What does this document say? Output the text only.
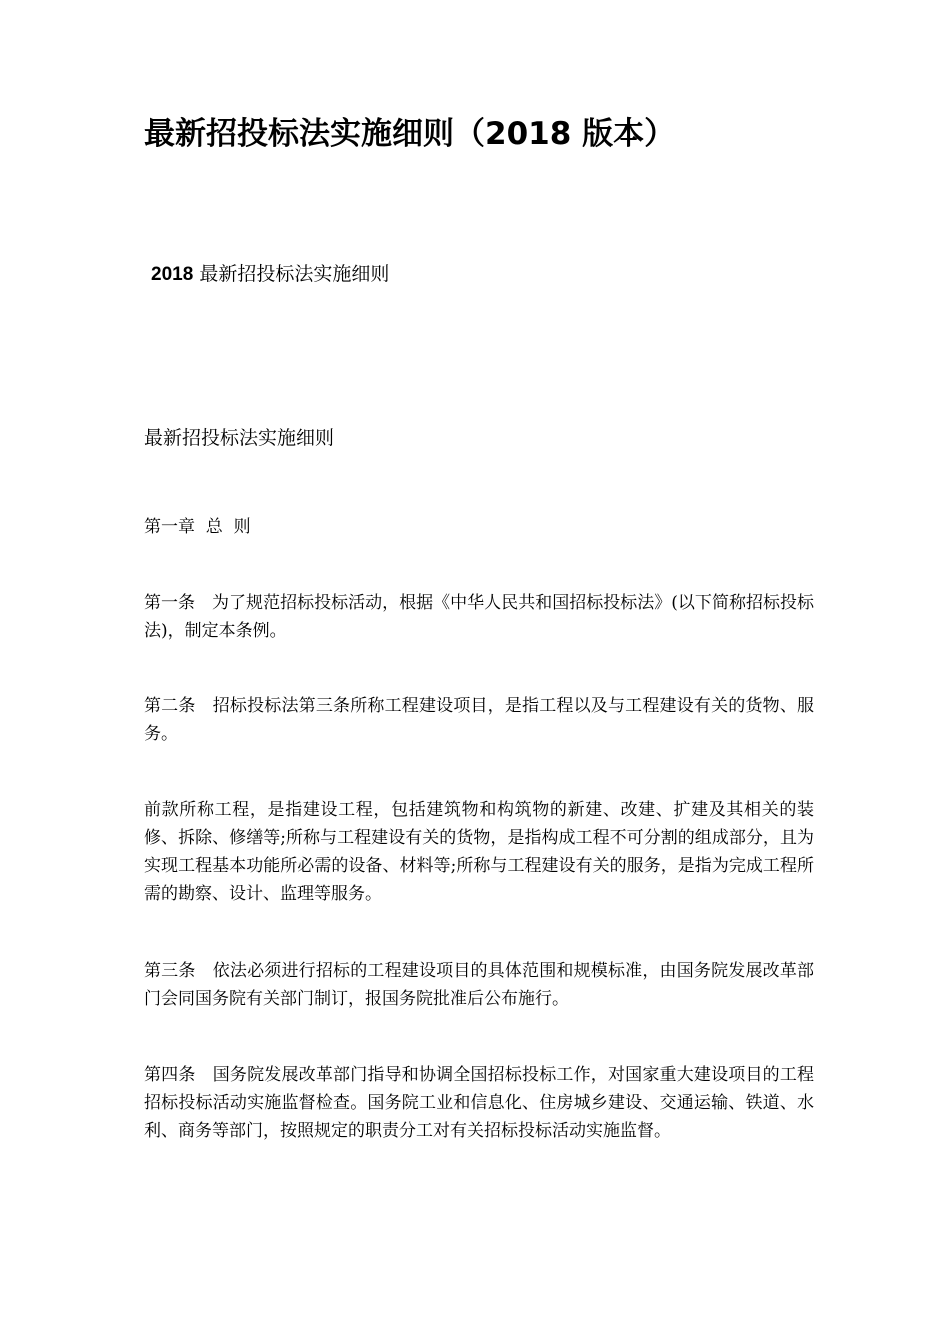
最新招投标法实施细则（2018 版本）
2018 最新招投标法实施细则
最新招投标法实施细则
第一章  总  则

第一条　为了规范招标投标活动，根据《中华人民共和国招标投标法》(以下简称招标投标法)，制定本条例。

第二条　招标投标法第三条所称工程建设项目，是指工程以及与工程建设有关的货物、服务。

前款所称工程，是指建设工程，包括建筑物和构筑物的新建、改建、扩建及其相关的装修、拆除、修缮等;所称与工程建设有关的货物，是指构成工程不可分割的组成部分，且为实现工程基本功能所必需的设备、材料等;所称与工程建设有关的服务，是指为完成工程所需的勘察、设计、监理等服务。

第三条　依法必须进行招标的工程建设项目的具体范围和规模标准，由国务院发展改革部门会同国务院有关部门制订，报国务院批准后公布施行。

第四条　国务院发展改革部门指导和协调全国招标投标工作，对国家重大建设项目的工程招标投标活动实施监督检查。国务院工业和信息化、住房城乡建设、交通运输、铁道、水利、商务等部门，按照规定的职责分工对有关招标投标活动实施监督。
